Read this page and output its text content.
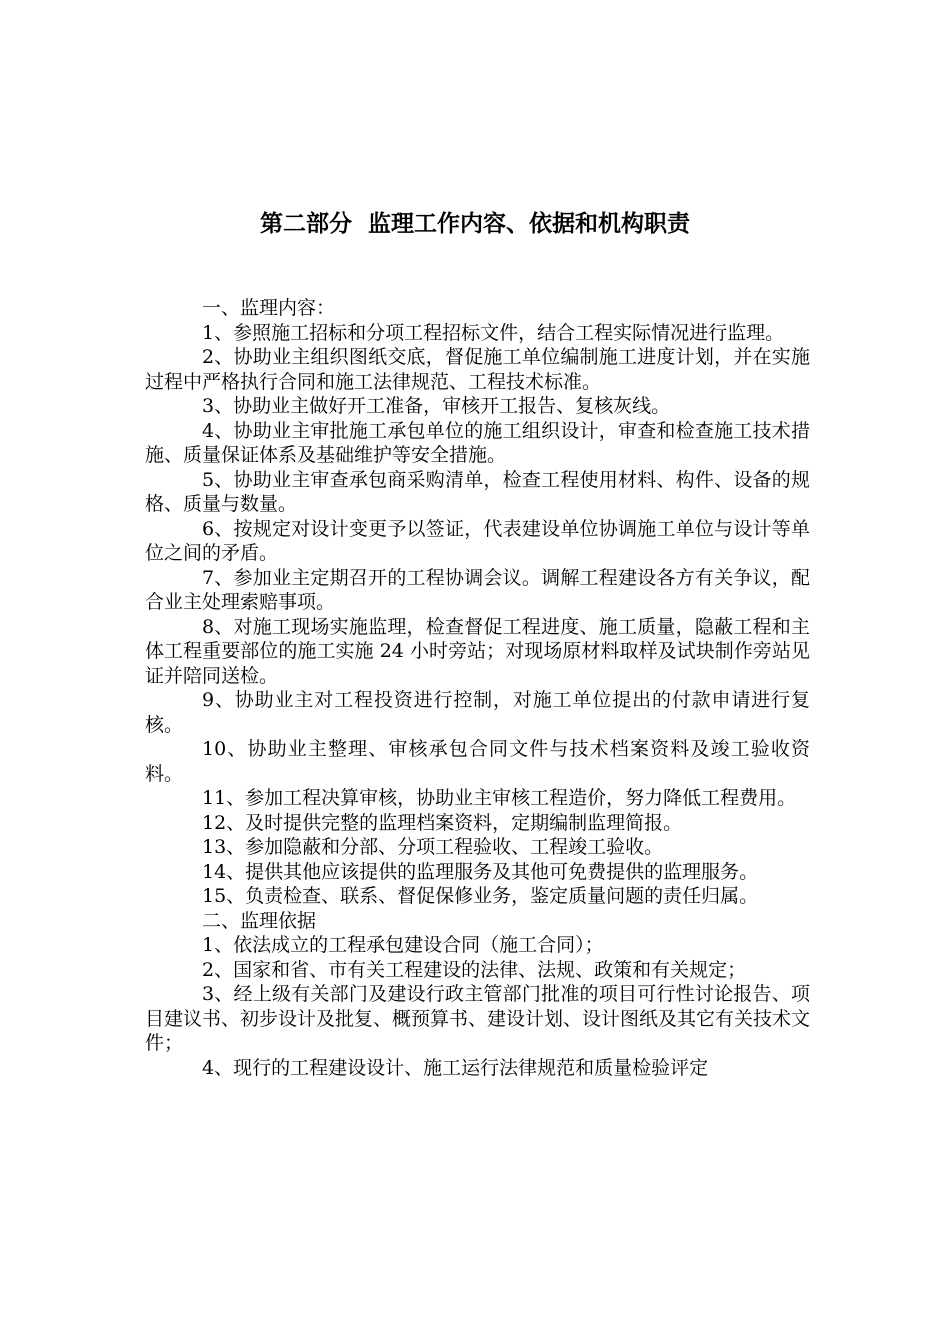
第二部分  监理工作内容、依据和机构职责

一、监理内容：

1、参照施工招标和分项工程招标文件，结合工程实际情况进行监理。

2、协助业主组织图纸交底，督促施工单位编制施工进度计划，并在实施过程中严格执行合同和施工法律规范、工程技术标准。

3、协助业主做好开工准备，审核开工报告、复核灰线。

4、协助业主审批施工承包单位的施工组织设计，审查和检查施工技术措施、质量保证体系及基础维护等安全措施。

5、协助业主审查承包商采购清单，检查工程使用材料、构件、设备的规格、质量与数量。

6、按规定对设计变更予以签证，代表建设单位协调施工单位与设计等单位之间的矛盾。

7、参加业主定期召开的工程协调会议。调解工程建设各方有关争议，配合业主处理索赔事项。

8、对施工现场实施监理，检查督促工程进度、施工质量，隐蔽工程和主体工程重要部位的施工实施 24 小时旁站；对现场原材料取样及试块制作旁站见证并陪同送检。

9、协助业主对工程投资进行控制，对施工单位提出的付款申请进行复核。

10、协助业主整理、审核承包合同文件与技术档案资料及竣工验收资料。

11、参加工程决算审核，协助业主审核工程造价，努力降低工程费用。

12、及时提供完整的监理档案资料，定期编制监理简报。

13、参加隐蔽和分部、分项工程验收、工程竣工验收。

14、提供其他应该提供的监理服务及其他可免费提供的监理服务。

15、负责检查、联系、督促保修业务，鉴定质量问题的责任归属。

二、监理依据

1、依法成立的工程承包建设合同（施工合同）；

2、国家和省、市有关工程建设的法律、法规、政策和有关规定；

3、经上级有关部门及建设行政主管部门批准的项目可行性讨论报告、项目建议书、初步设计及批复、概预算书、建设计划、设计图纸及其它有关技术文件；

4、现行的工程建设设计、施工运行法律规范和质量检验评定
